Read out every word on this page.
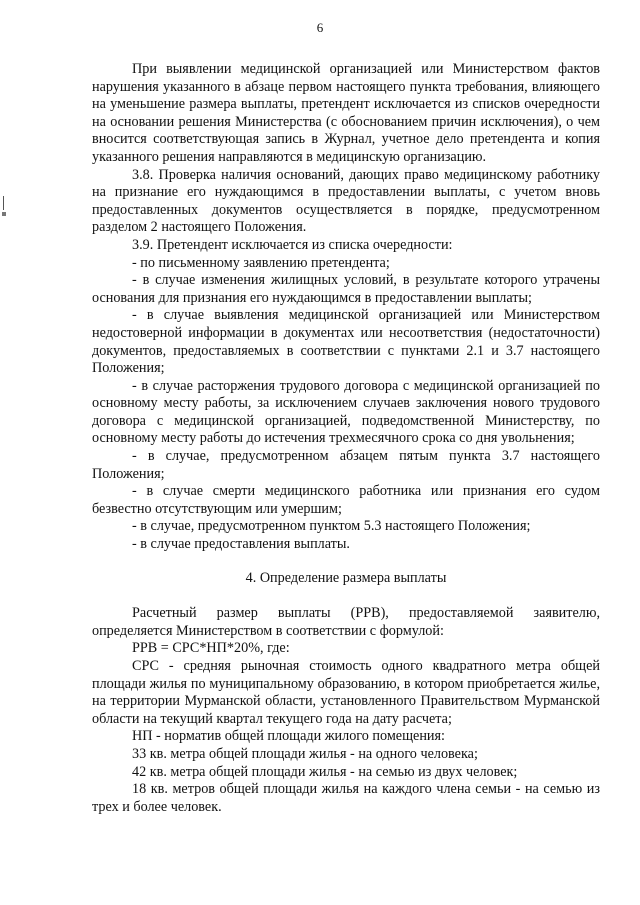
6

При выявлении медицинской организацией или Министерством фактов нарушения указанного в абзаце первом настоящего пункта требования, влияющего на уменьшение размера выплаты, претендент исключается из списков очередности на основании решения Министерства (с обоснованием причин исключения), о чем вносится соответствующая запись в Журнал, учетное дело претендента и копия указанного решения направляются в медицинскую организацию.

3.8. Проверка наличия оснований, дающих право медицинскому работнику на признание его нуждающимся в предоставлении выплаты, с учетом вновь предоставленных документов осуществляется в порядке, предусмотренном разделом 2 настоящего Положения.

3.9. Претендент исключается из списка очередности:

- по письменному заявлению претендента;

- в случае изменения жилищных условий, в результате которого утрачены основания для признания его нуждающимся в предоставлении выплаты;

- в случае выявления медицинской организацией или Министерством недостоверной информации в документах или несоответствия (недостаточности) документов, предоставляемых в соответствии с пунктами 2.1 и 3.7 настоящего Положения;

- в случае расторжения трудового договора с медицинской организацией по основному месту работы, за исключением случаев заключения нового трудового договора с медицинской организацией, подведомственной Министерству, по основному месту работы до истечения трехмесячного срока со дня увольнения;

- в случае, предусмотренном абзацем пятым пункта 3.7 настоящего Положения;

- в случае смерти медицинского работника или признания его судом безвестно отсутствующим или умершим;

- в случае, предусмотренном пунктом 5.3 настоящего Положения;

- в случае предоставления выплаты.

4. Определение размера выплаты

Расчетный размер выплаты (РРВ), предоставляемой заявителю, определяется Министерством в соответствии с формулой:

РРВ = СРС*НП*20%, где:

СРС - средняя рыночная стоимость одного квадратного метра общей площади жилья по муниципальному образованию, в котором приобретается жилье, на территории Мурманской области, установленного Правительством Мурманской области на текущий квартал текущего года на дату расчета;

НП - норматив общей площади жилого помещения:

33 кв. метра общей площади жилья - на одного человека;

42 кв. метра общей площади жилья - на семью из двух человек;

18 кв. метров общей площади жилья на каждого члена семьи - на семью из трех и более человек.
